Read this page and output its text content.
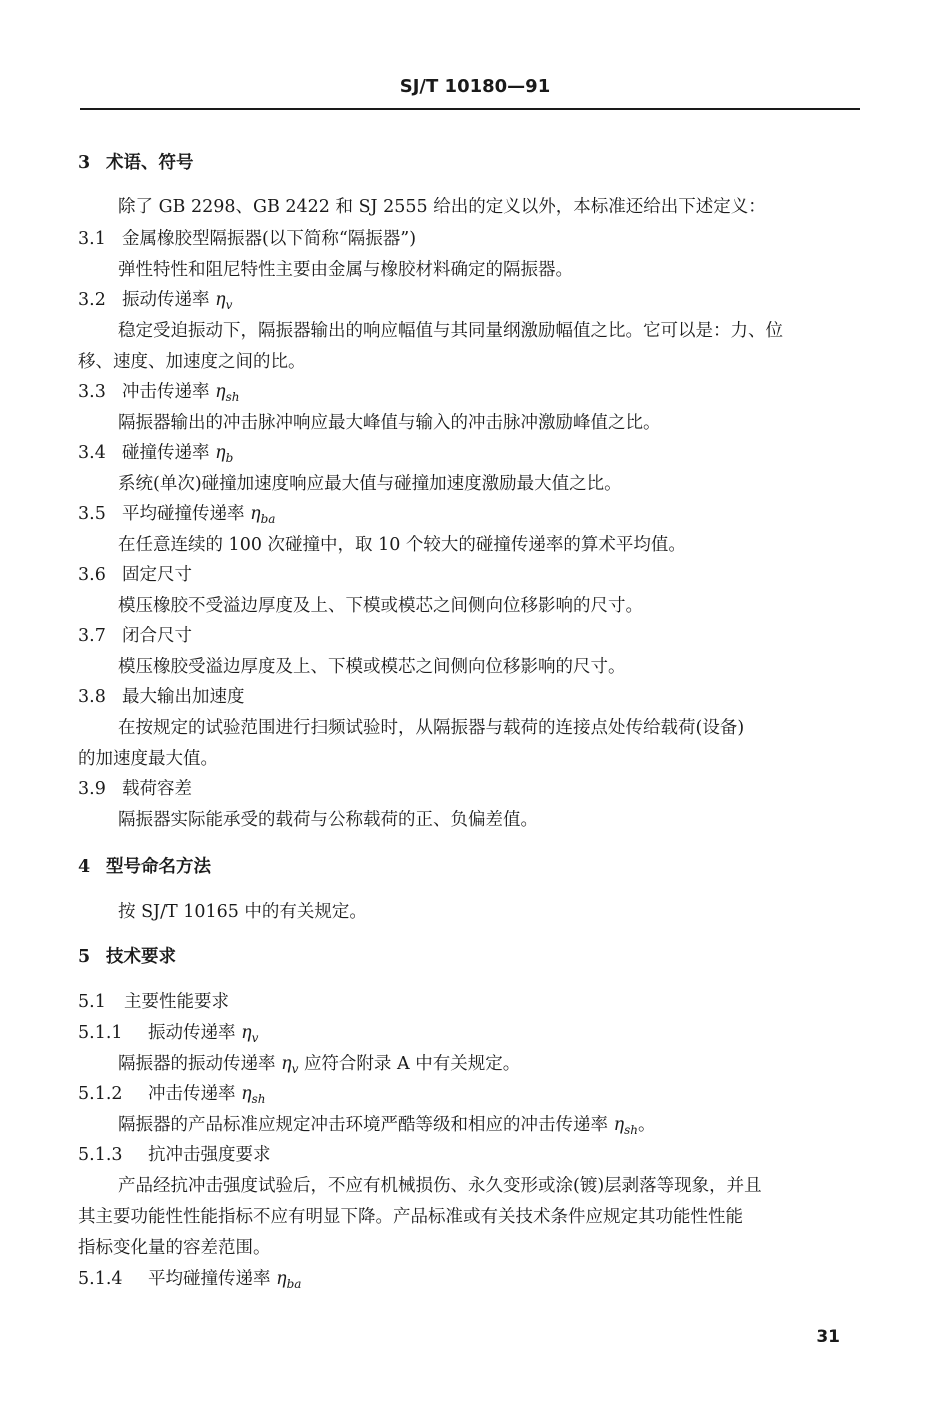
SJ/T 10180—91
3 术语、符号
除了 GB 2298、GB 2422 和 SJ 2555 给出的定义以外，本标准还给出下述定义：
3.1 金属橡胶型隔振器(以下简称“隔振器”)
弹性特性和阻尼特性主要由金属与橡胶材料确定的隔振器。
3.2 振动传递率 $\eta_v$
稳定受迫振动下，隔振器输出的响应幅值与其同量纲激励幅值之比。它可以是：力、位
移、速度、加速度之间的比。
3.3 冲击传递率 $\eta_{sh}$
隔振器输出的冲击脉冲响应最大峰值与输入的冲击脉冲激励峰值之比。
3.4 碰撞传递率 $\eta_b$
系统(单次)碰撞加速度响应最大值与碰撞加速度激励最大值之比。
3.5 平均碰撞传递率 $\eta_{ba}$
在任意连续的 100 次碰撞中，取 10 个较大的碰撞传递率的算术平均值。
3.6 固定尺寸
模压橡胶不受溢边厚度及上、下模或模芯之间侧向位移影响的尺寸。
3.7 闭合尺寸
模压橡胶受溢边厚度及上、下模或模芯之间侧向位移影响的尺寸。
3.8 最大输出加速度
在按规定的试验范围进行扫频试验时，从隔振器与载荷的连接点处传给载荷(设备)
的加速度最大值。
3.9 载荷容差
隔振器实际能承受的载荷与公称载荷的正、负偏差值。
4 型号命名方法
按 SJ/T 10165 中的有关规定。
5 技术要求
5.1 主要性能要求
5.1.1 振动传递率 $\eta_v$
隔振器的振动传递率 $\eta_v$ 应符合附录 A 中有关规定。
5.1.2 冲击传递率 $\eta_{sh}$
隔振器的产品标准应规定冲击环境严酷等级和相应的冲击传递率 $\eta_{sh}$。
5.1.3 抗冲击强度要求
产品经抗冲击强度试验后，不应有机械损伤、永久变形或涂(镀)层剥落等现象，并且
其主要功能性性能指标不应有明显下降。产品标准或有关技术条件应规定其功能性性能
指标变化量的容差范围。
5.1.4 平均碰撞传递率 $\eta_{ba}$
31
